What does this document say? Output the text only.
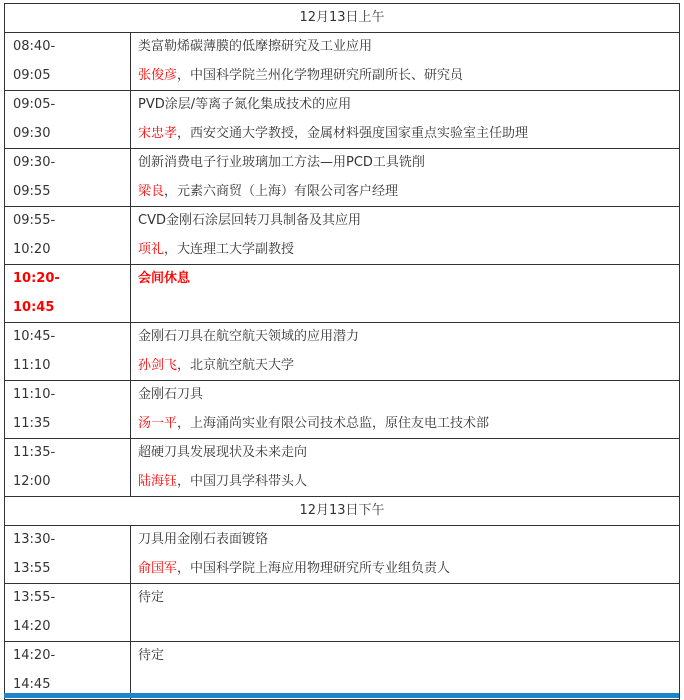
12月13日上午	

08:40-
09:05	类富勒烯碳薄膜的低摩擦研究及工业应用
张俊彦，中国科学院兰州化学物理研究所副所长、研究员

09:05-
09:30	PVD涂层/等离子氮化集成技术的应用
宋忠孝，西安交通大学教授，金属材料强度国家重点实验室主任助理

09:30-
09:55	创新消费电子行业玻璃加工方法—用PCD工具铣削
梁良，元素六商贸（上海）有限公司客户经理

09:55-
10:20	CVD金刚石涂层回转刀具制备及其应用
项礼，大连理工大学副教授

10:20-
10:45	会间休息

10:45-
11:10	金刚石刀具在航空航天领域的应用潜力
孙剑飞，北京航空航天大学

11:10-
11:35	金刚石刀具
汤一平，上海涌尚实业有限公司技术总监，原住友电工技术部

11:35-
12:00	超硬刀具发展现状及未来走向
陆海钰，中国刀具学科带头人

12月13日下午	

13:30-
13:55	刀具用金刚石表面镀铬
俞国军，中国科学院上海应用物理研究所专业组负责人

13:55-
14:20	待定

14:20-
14:45	待定
